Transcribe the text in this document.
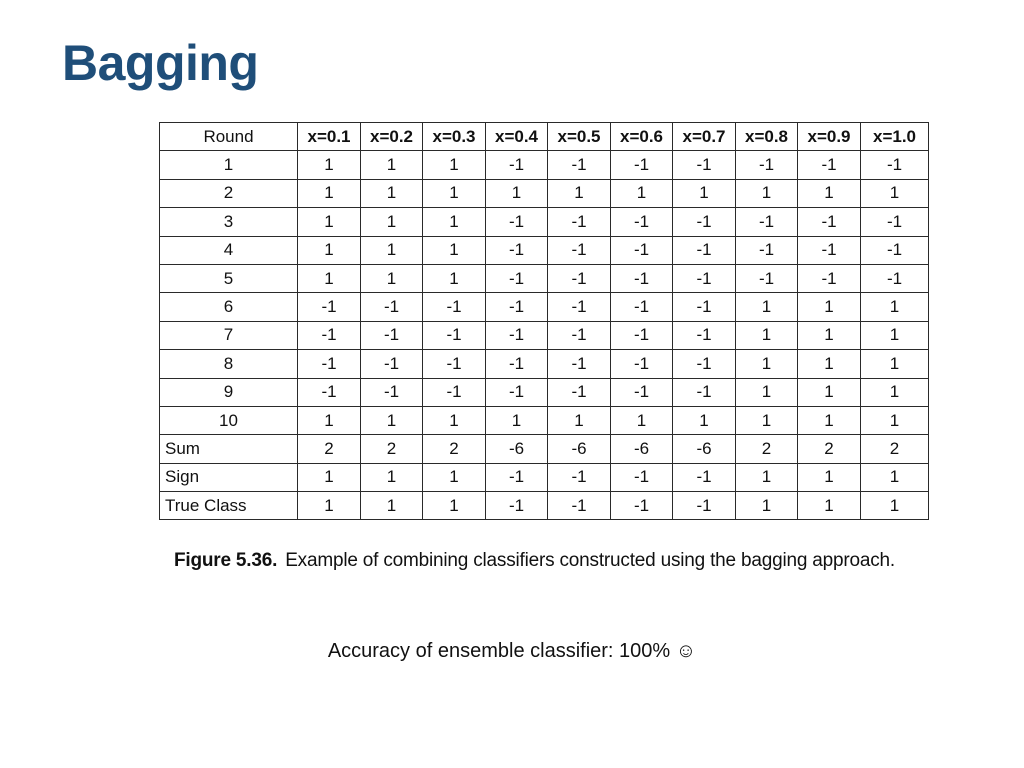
Bagging
Round	x=0.1	x=0.2	x=0.3	x=0.4	x=0.5	x=0.6	x=0.7	x=0.8	x=0.9	x=1.0
1	1	1	1	-1	-1	-1	-1	-1	-1	-1
2	1	1	1	1	1	1	1	1	1	1
3	1	1	1	-1	-1	-1	-1	-1	-1	-1
4	1	1	1	-1	-1	-1	-1	-1	-1	-1
5	1	1	1	-1	-1	-1	-1	-1	-1	-1
6	-1	-1	-1	-1	-1	-1	-1	1	1	1
7	-1	-1	-1	-1	-1	-1	-1	1	1	1
8	-1	-1	-1	-1	-1	-1	-1	1	1	1
9	-1	-1	-1	-1	-1	-1	-1	1	1	1
10	1	1	1	1	1	1	1	1	1	1
Sum	2	2	2	-6	-6	-6	-6	2	2	2
Sign	1	1	1	-1	-1	-1	-1	1	1	1
True Class	1	1	1	-1	-1	-1	-1	1	1	1

Figure 5.36. Example of combining classifiers constructed using the bagging approach.

Accuracy of ensemble classifier: 100% ☺
